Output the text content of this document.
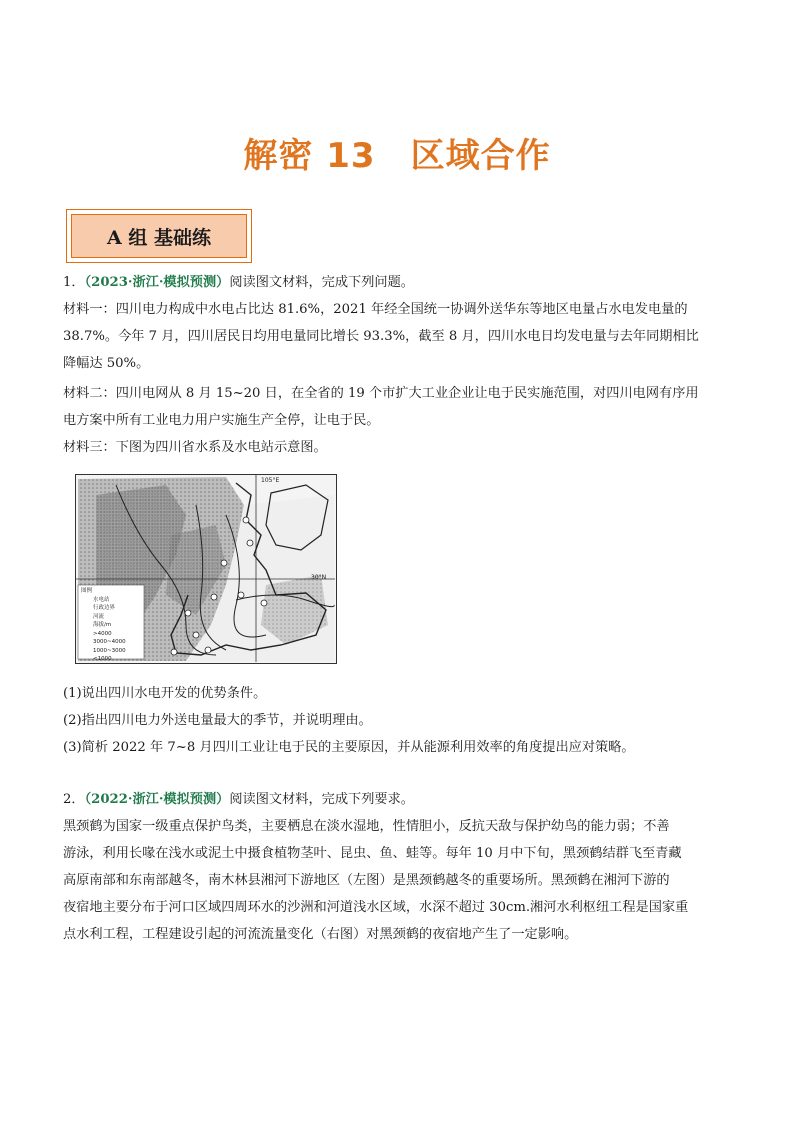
解密 13　区域合作
A 组 基础练
1．（2023·浙江·模拟预测）阅读图文材料，完成下列问题。
材料一：四川电力构成中水电占比达 81.6%，2021 年经全国统一协调外送华东等地区电量占水电发电量的
38.7%。今年 7 月，四川居民日均用电量同比增长 93.3%，截至 8 月，四川水电日均发电量与去年同期相比
降幅达 50%。
材料二：四川电网从 8 月 15~20 日，在全省的 19 个市扩大工业企业让电于民实施范围，对四川电网有序用
电方案中所有工业电力用户实施生产全停，让电于民。
材料三：下图为四川省水系及水电站示意图。
105°E
30°N
图例
水电站
行政边界
河流
海拔/m
>4000
3000~4000
1000~3000
<1000
(1)说出四川水电开发的优势条件。
(2)指出四川电力外送电量最大的季节，并说明理由。
(3)简析 2022 年 7~8 月四川工业让电于民的主要原因，并从能源利用效率的角度提出应对策略。
2．（2022·浙江·模拟预测）阅读图文材料，完成下列要求。
黑颈鹤为国家一级重点保护鸟类，主要栖息在淡水湿地，性情胆小，反抗天敌与保护幼鸟的能力弱；不善
游泳，利用长喙在浅水或泥土中摄食植物茎叶、昆虫、鱼、蛙等。每年 10 月中下旬，黑颈鹤结群飞至青藏
高原南部和东南部越冬，南木林县湘河下游地区（左图）是黑颈鹤越冬的重要场所。黑颈鹤在湘河下游的
夜宿地主要分布于河口区域四周环水的沙洲和河道浅水区域，水深不超过 30cm.湘河水利枢纽工程是国家重
点水利工程，工程建设引起的河流流量变化（右图）对黑颈鹤的夜宿地产生了一定影响。
